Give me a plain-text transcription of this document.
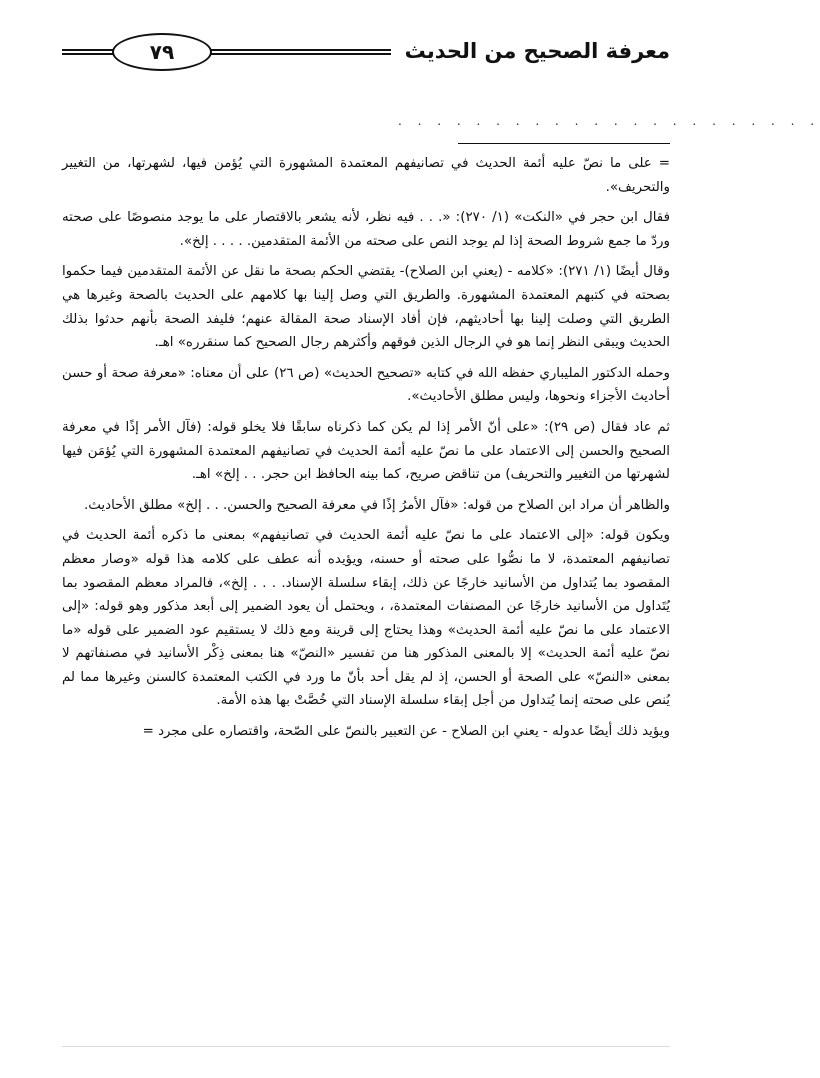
٧٩	معرفة الصحيح من الحديث
. . . . . . . . . . . . . . . . . . . . . .

= على ما نصّ عليه أئمة الحديث في تصانيفهم المعتمدة المشهورة التي يُؤمن فيها، لشهرتها، من التغيير والتحريف».

فقال ابن حجر في «النكت» (١/ ٢٧٠): «. . . فيه نظر، لأنه يشعر بالاقتصار على ما يوجد منصوصًا على صحته وردّ ما جمع شروط الصحة إذا لم يوجد النص على صحته من الأئمة المتقدمين. . . . . إلخ».

وقال أيضًا (١/ ٢٧١): «كلامه - (يعني ابن الصلاح)- يقتضي الحكم بصحة ما نقل عن الأئمة المتقدمين فيما حكموا بصحته في كتبهم المعتمدة المشهورة. والطريق التي وصل إلينا بها كلامهم على الحديث بالصحة وغيرها هي الطريق التي وصلت إلينا بها أحاديثهم، فإن أفاد الإسناد صحة المقالة عنهم؛ فليفد الصحة بأنهم حدثوا بذلك الحديث ويبقى النظر إنما هو في الرجال الذين فوقهم وأكثرهم رجال الصحيح كما سنقرره» اهـ.

وحمله الدكتور المليباري حفظه الله في كتابه «تصحيح الحديث» (ص ٢٦) على أن معناه: «معرفة صحة أو حسن أحاديث الأجزاء ونحوها، وليس مطلق الأحاديث».

ثم عاد فقال (ص ٢٩): «على أنّ الأمر إذا لم يكن كما ذكرناه سابقًا فلا يخلو قوله: (فآل الأمر إذًا في معرفة الصحيح والحسن إلى الاعتماد على ما نصّ عليه أئمة الحديث في تصانيفهم المعتمدة المشهورة التي يُؤمَن فيها لشهرتها من التغيير والتحريف) من تناقض صريح، كما بينه الحافظ ابن حجر. . . إلخ» اهـ.

والظاهر أن مراد ابن الصلاح من قوله: «فآل الأمرُ إذًا في معرفة الصحيح والحسن. . . إلخ» مطلق الأحاديث.

ويكون قوله: «إلى الاعتماد على ما نصّ عليه أئمة الحديث في تصانيفهم» بمعنى ما ذكره أئمة الحديث في تصانيفهم المعتمدة، لا ما نصُّوا على صحته أو حسنه، ويؤيده أنه عطف على كلامه هذا قوله «وصار معظم المقصود بما يُتداول من الأسانيد خارجًا عن ذلك، إبقاء سلسلة الإسناد. . . . إلخ»، فالمراد معظم المقصود بما يُتَداول من الأسانيد خارجًا عن المصنفات المعتمدة، ، ويحتمل أن يعود الضمير إلى أبعد مذكور وهو قوله: «إلى الاعتماد على ما نصّ عليه أئمة الحديث» وهذا يحتاج إلى قرينة ومع ذلك لا يستقيم عود الضمير على قوله «ما نصّ عليه أئمة الحديث» إلا بالمعنى المذكور هنا من تفسير «النصّ» هنا بمعنى ذِكْر الأسانيد في مصنفاتهم لا بمعنى «النصّ» على الصحة أو الحسن، إذ لم يقل أحد بأنّ ما ورد في الكتب المعتمدة كالسنن وغيرها مما لم يُنص على صحته إنما يُتداول من أجل إبقاء سلسلة الإسناد التي خُصَّتْ بها هذه الأمة.

ويؤيد ذلك أيضًا عدوله - يعني ابن الصلاح - عن التعبير بالنصّ على الصّحة، واقتصاره على مجرد =
